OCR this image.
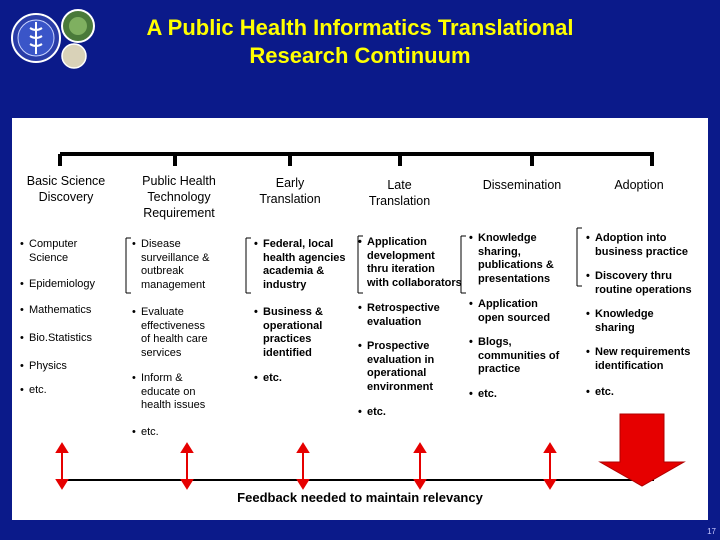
A Public Health Informatics Translational
Research Continuum
Basic Science
Discovery
Public Health
Technology
Requirement
Early
Translation
Late
Translation
Dissemination	Adoption
• Computer
Science
• Epidemiology
• Mathematics
• Bio.Statistics
• Physics
• etc.
• Disease
surveillance &
outbreak
management
• Evaluate
effectiveness
of health care
services
• Inform &
educate on
health issues
• etc.
• Federal, local
health agencies
academia &
industry
• Business &
operational
practices
identified
• etc.
• Application
development
thru iteration
with collaborators
• Retrospective
evaluation
• Prospective
evaluation in
operational
environment
• etc.
• Knowledge
sharing,
publications &
presentations
• Application
open sourced
• Blogs,
communities of
practice
• etc.
• Adoption into
business practice
• Discovery thru
routine operations
• Knowledge
sharing
• New requirements
identification
• etc.
Feedback needed to maintain relevancy
17
